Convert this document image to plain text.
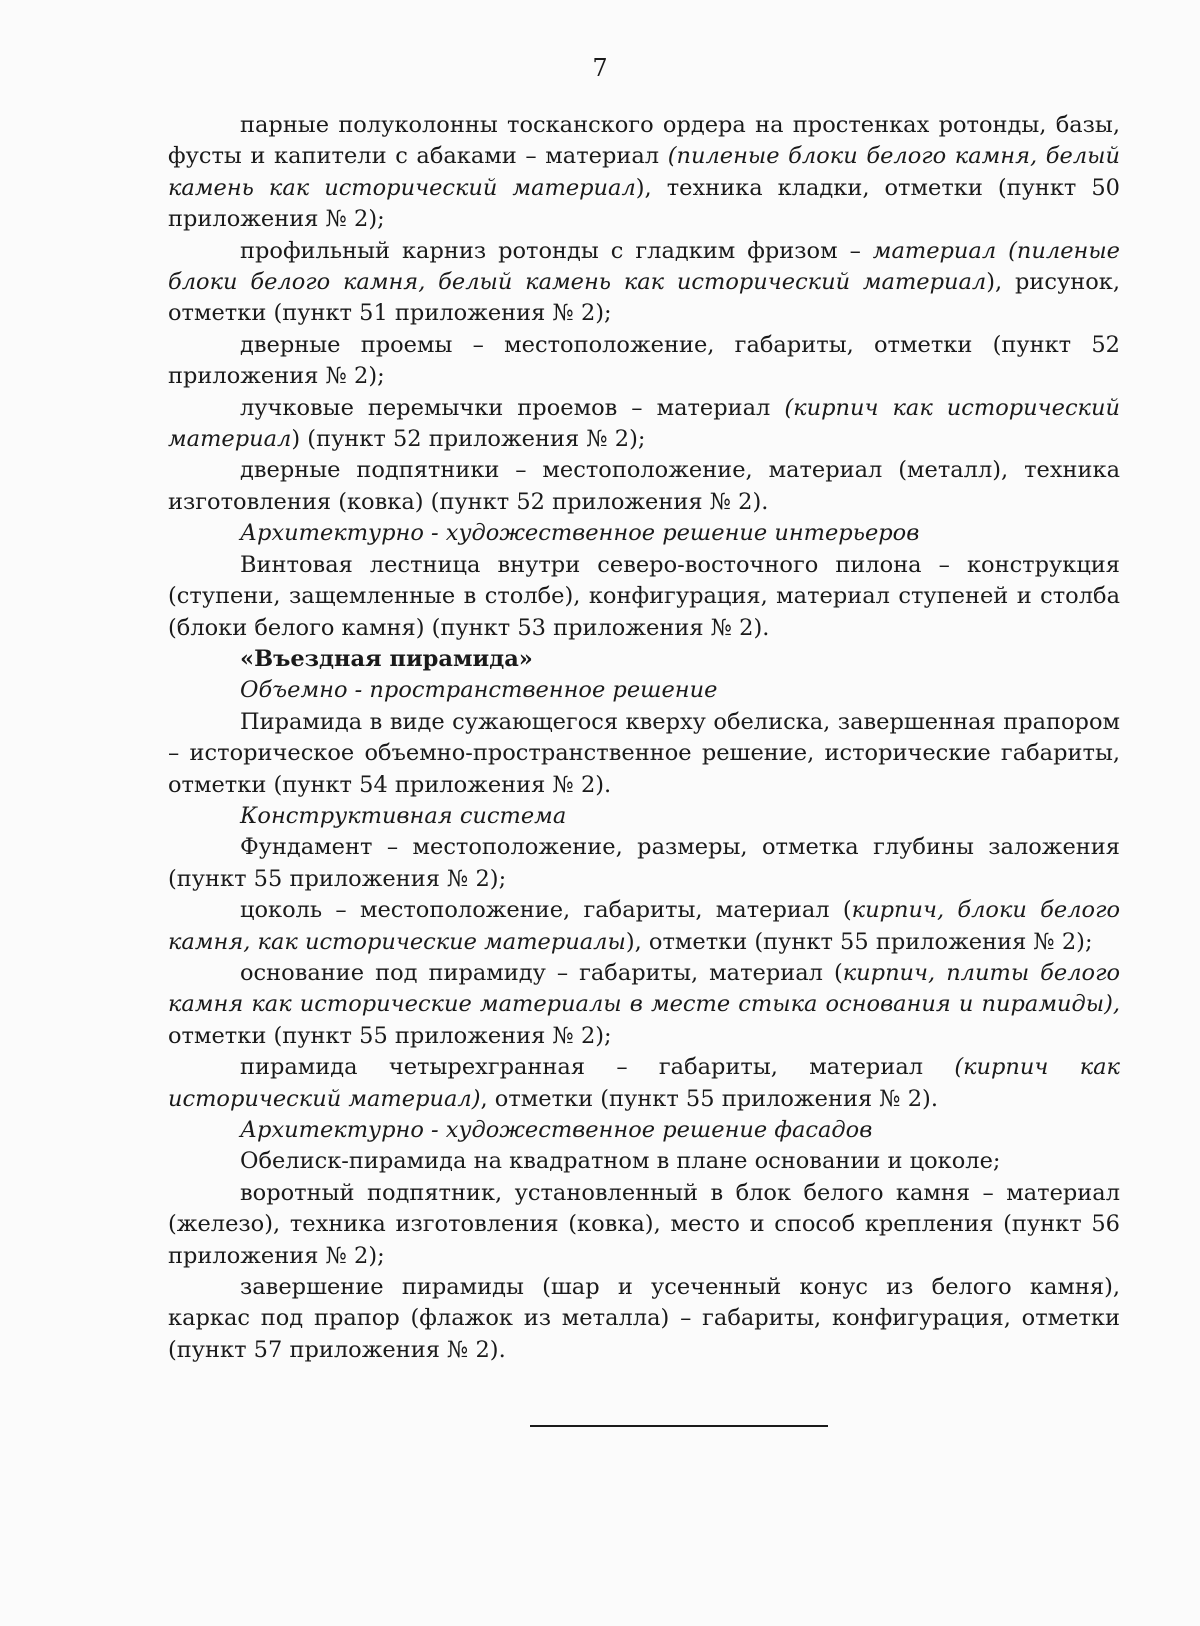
7

парные полуколонны тосканского ордера на простенках ротонды, базы, фусты и капители с абаками – материал (пиленые блоки белого камня, белый камень как исторический материал), техника кладки, отметки (пункт 50 приложения № 2);

профильный карниз ротонды с гладким фризом – материал (пиленые блоки белого камня, белый камень как исторический материал), рисунок, отметки (пункт 51 приложения № 2);

дверные проемы – местоположение, габариты, отметки (пункт 52 приложения № 2);

лучковые перемычки проемов – материал (кирпич как исторический материал) (пункт 52 приложения № 2);

дверные подпятники – местоположение, материал (металл), техника изготовления (ковка) (пункт 52 приложения № 2).

Архитектурно - художественное решение интерьеров

Винтовая лестница внутри северо-восточного пилона – конструкция (ступени, защемленные в столбе), конфигурация, материал ступеней и столба (блоки белого камня) (пункт 53 приложения № 2).

«Въездная пирамида»

Объемно - пространственное решение

Пирамида в виде сужающегося кверху обелиска, завершенная прапором – историческое объемно-пространственное решение, исторические габариты, отметки (пункт 54 приложения № 2).

Конструктивная система

Фундамент – местоположение, размеры, отметка глубины заложения (пункт 55 приложения № 2);

цоколь – местоположение, габариты, материал (кирпич, блоки белого камня, как исторические материалы), отметки (пункт 55 приложения № 2);

основание под пирамиду – габариты, материал (кирпич, плиты белого камня как исторические материалы в месте стыка основания и пирамиды), отметки (пункт 55 приложения № 2);

пирамида четырехгранная – габариты, материал (кирпич как исторический материал), отметки (пункт 55 приложения № 2).

Архитектурно - художественное решение фасадов

Обелиск-пирамида на квадратном в плане основании и цоколе;

воротный подпятник, установленный в блок белого камня – материал (железо), техника изготовления (ковка), место и способ крепления (пункт 56 приложения № 2);

завершение пирамиды (шар и усеченный конус из белого камня), каркас под прапор (флажок из металла) – габариты, конфигурация, отметки (пункт 57 приложения № 2).
